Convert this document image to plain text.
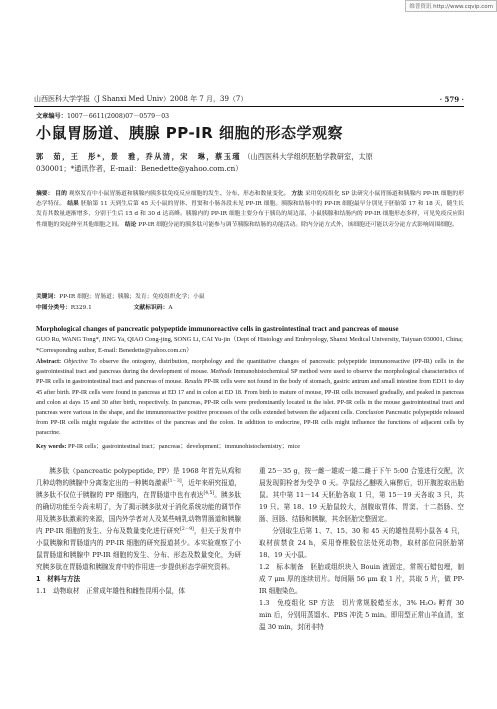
维普资讯 http://www.cqvip.com
山西医科大学学报（J Shanxi Med Univ）2008 年 7 月，39（7）	· 579 ·
文章编号：1007－6611(2008)07－0579－03
小鼠胃肠道、胰腺 PP-IR 细胞的形态学观察
郭　茹，王　彤*，景　雅，乔从清，宋　琳，蔡玉瑾 （山西医科大学组织胚胎学教研室，太原
030001；*通讯作者，E-mail：Benedette@yahoo.com.cn）
摘要： 目的 观察发育中小鼠胃肠道和胰腺内胰多肽免疫反应细胞的发生、分布、形态和数量变化。 方法 采用免疫组化 SP 法研究小鼠胃肠道和胰腺内 PP-IR 细胞的形态学特征。 结果 胚胎第 11 天到生后第 45 天小鼠的胃体、胃窦和小肠各段未见 PP-IR 细胞。胰腺和结肠中的 PP-IR 细胞最早分别见于胚胎第 17 和 18 天，随生长发育其数量逐渐增多，分别于生后 15 d 和 30 d 达高峰。胰腺内的 PP-IR 细胞主要分布于胰岛的周边部，小鼠胰腺和结肠内的 PP-IR 细胞形态多样，可见免疫反应阳性细胞的突起伸至其他细胞之间。 结论 PP-IR 细胞分泌的胰多肽可能参与调节胰腺和结肠的功能活动。除内分泌方式外，该细胞还可能以旁分泌方式影响周围细胞。
关键词：PP-IR 细胞；胃肠道；胰腺；发育；免疫组织化学；小鼠
中图分类号：R329.1	文献标识码：A
Morphological changes of pancreatic polypeptide immunoreactive cells in gastrointestinal tract and pancreas of mouse
GUO Ru, WANG Tong*, JING Ya, QIAO Cong-jing, SONG Li, CAI Yu-jin（Dept of Histology and Embryology, Shanxi Medical University, Taiyuan 030001, China; *Corresponding author, E-mail: Benedette@yahoo.com.cn）
Abstract: Objective To observe the ontogeny, distribution, morphology and the quantitative changes of pancreatic polypeptide immunoreactive (PP-IR) cells in the gastrointestinal tract and pancreas during the development of mouse. Methods Immunohistochemical SP method were used to observe the morphological characteristics of PP-IR cells in gastrointestinal tract and pancreas of mouse. Results PP-IR cells were not found in the body of stomach, gastric antrum and small intestine from ED11 to day 45 after birth. PP-IR cells were found in pancreas at ED 17 and in colon at ED 18. From birth to mature of mouse, PP-IR cells increased gradually, and peaked in pancreas and colon at days 15 and 30 after birth, respectively. In pancreas, PP-IR cells were predominantly located in the islet. PP-IR cells in the mouse gastrointestinal tract and pancreas were various in the shape, and the immunoreactive positive processes of the cells extended between the adjacent cells. Conclusion Pancreatic polypeptide released from PP-IR cells might regulate the activities of the pancreas and the colon. In addition to endocrine, PP-IR cells might influence the functions of adjacent cells by paracrine.
Key words: PP-IR cells；gastrointestinal tract；pancreas；development；immunohistochemistry；mice

胰多肽（pancreatic polypeptide, PP）是 1968 年首先从鸡和几种动物的胰腺中分离鉴定出的一种胰岛激素[1－3]，近年来研究报道，胰多肽不仅位于胰腺的 PP 细胞内，在胃肠道中也有表达[4,5]。胰多肽的确切功能至今尚未明了，为了揭示胰多肽对于消化系统功能的调节作用及胰多肽激素的来源，国内外学者对人及某些哺乳动物胃肠道和胰腺内 PP-IR 细胞的发生、分布及数量变化进行研究[2－9]，但关于发育中小鼠胰腺和胃肠道内的 PP-IR 细胞的研究报道甚少。本实验观察了小鼠胃肠道和胰腺中 PP-IR 细胞的发生、分布、形态及数量变化，为研究胰多肽在胃肠道和胰腺发育中的作用进一步提供形态学研究资料。

1　材料与方法

1.1　动物取材　正常成年雄性和雌性昆明小鼠，体

重 25－35 g，按一雌一雄或一雄二雌于下午 5:00 合笼进行交配，次晨发现阴栓者为受孕 0 天。孕鼠经乙醚吸入麻醉后，切开腹腔取出胎鼠。其中第 11－14 天胚胎各取 1 只，第 15－19 天各取 3 只，共 19 只。第 18、19 天胎鼠较大，剖腹取胃体、胃窦、十二指肠、空肠、回肠、结肠和胰腺，其余胚胎完整固定。

分别取生后第 1、7、15、30 和 45 天的雄性昆明小鼠各 4 只，取材前禁食 24 h，采用脊椎脱位法处死动物，取材部位同胚胎第 18、19 天小鼠。

1.2　标本制备　胚胎或组织块入 Bouin 液固定，常规石蜡包埋，制成 7 μm 厚的连续切片。每间隔 56 μm 取 1 片，共取 5 片，做 PP-IR 细胞染色。

1.3　免疫组化 SP 方法　切片常规脱蜡至水，3% H₂O₂ 孵育 30 min 后，分别用蒸馏水、PBS 冲洗 5 min。即用型正常山羊血清，室温 30 min，封闭非特
